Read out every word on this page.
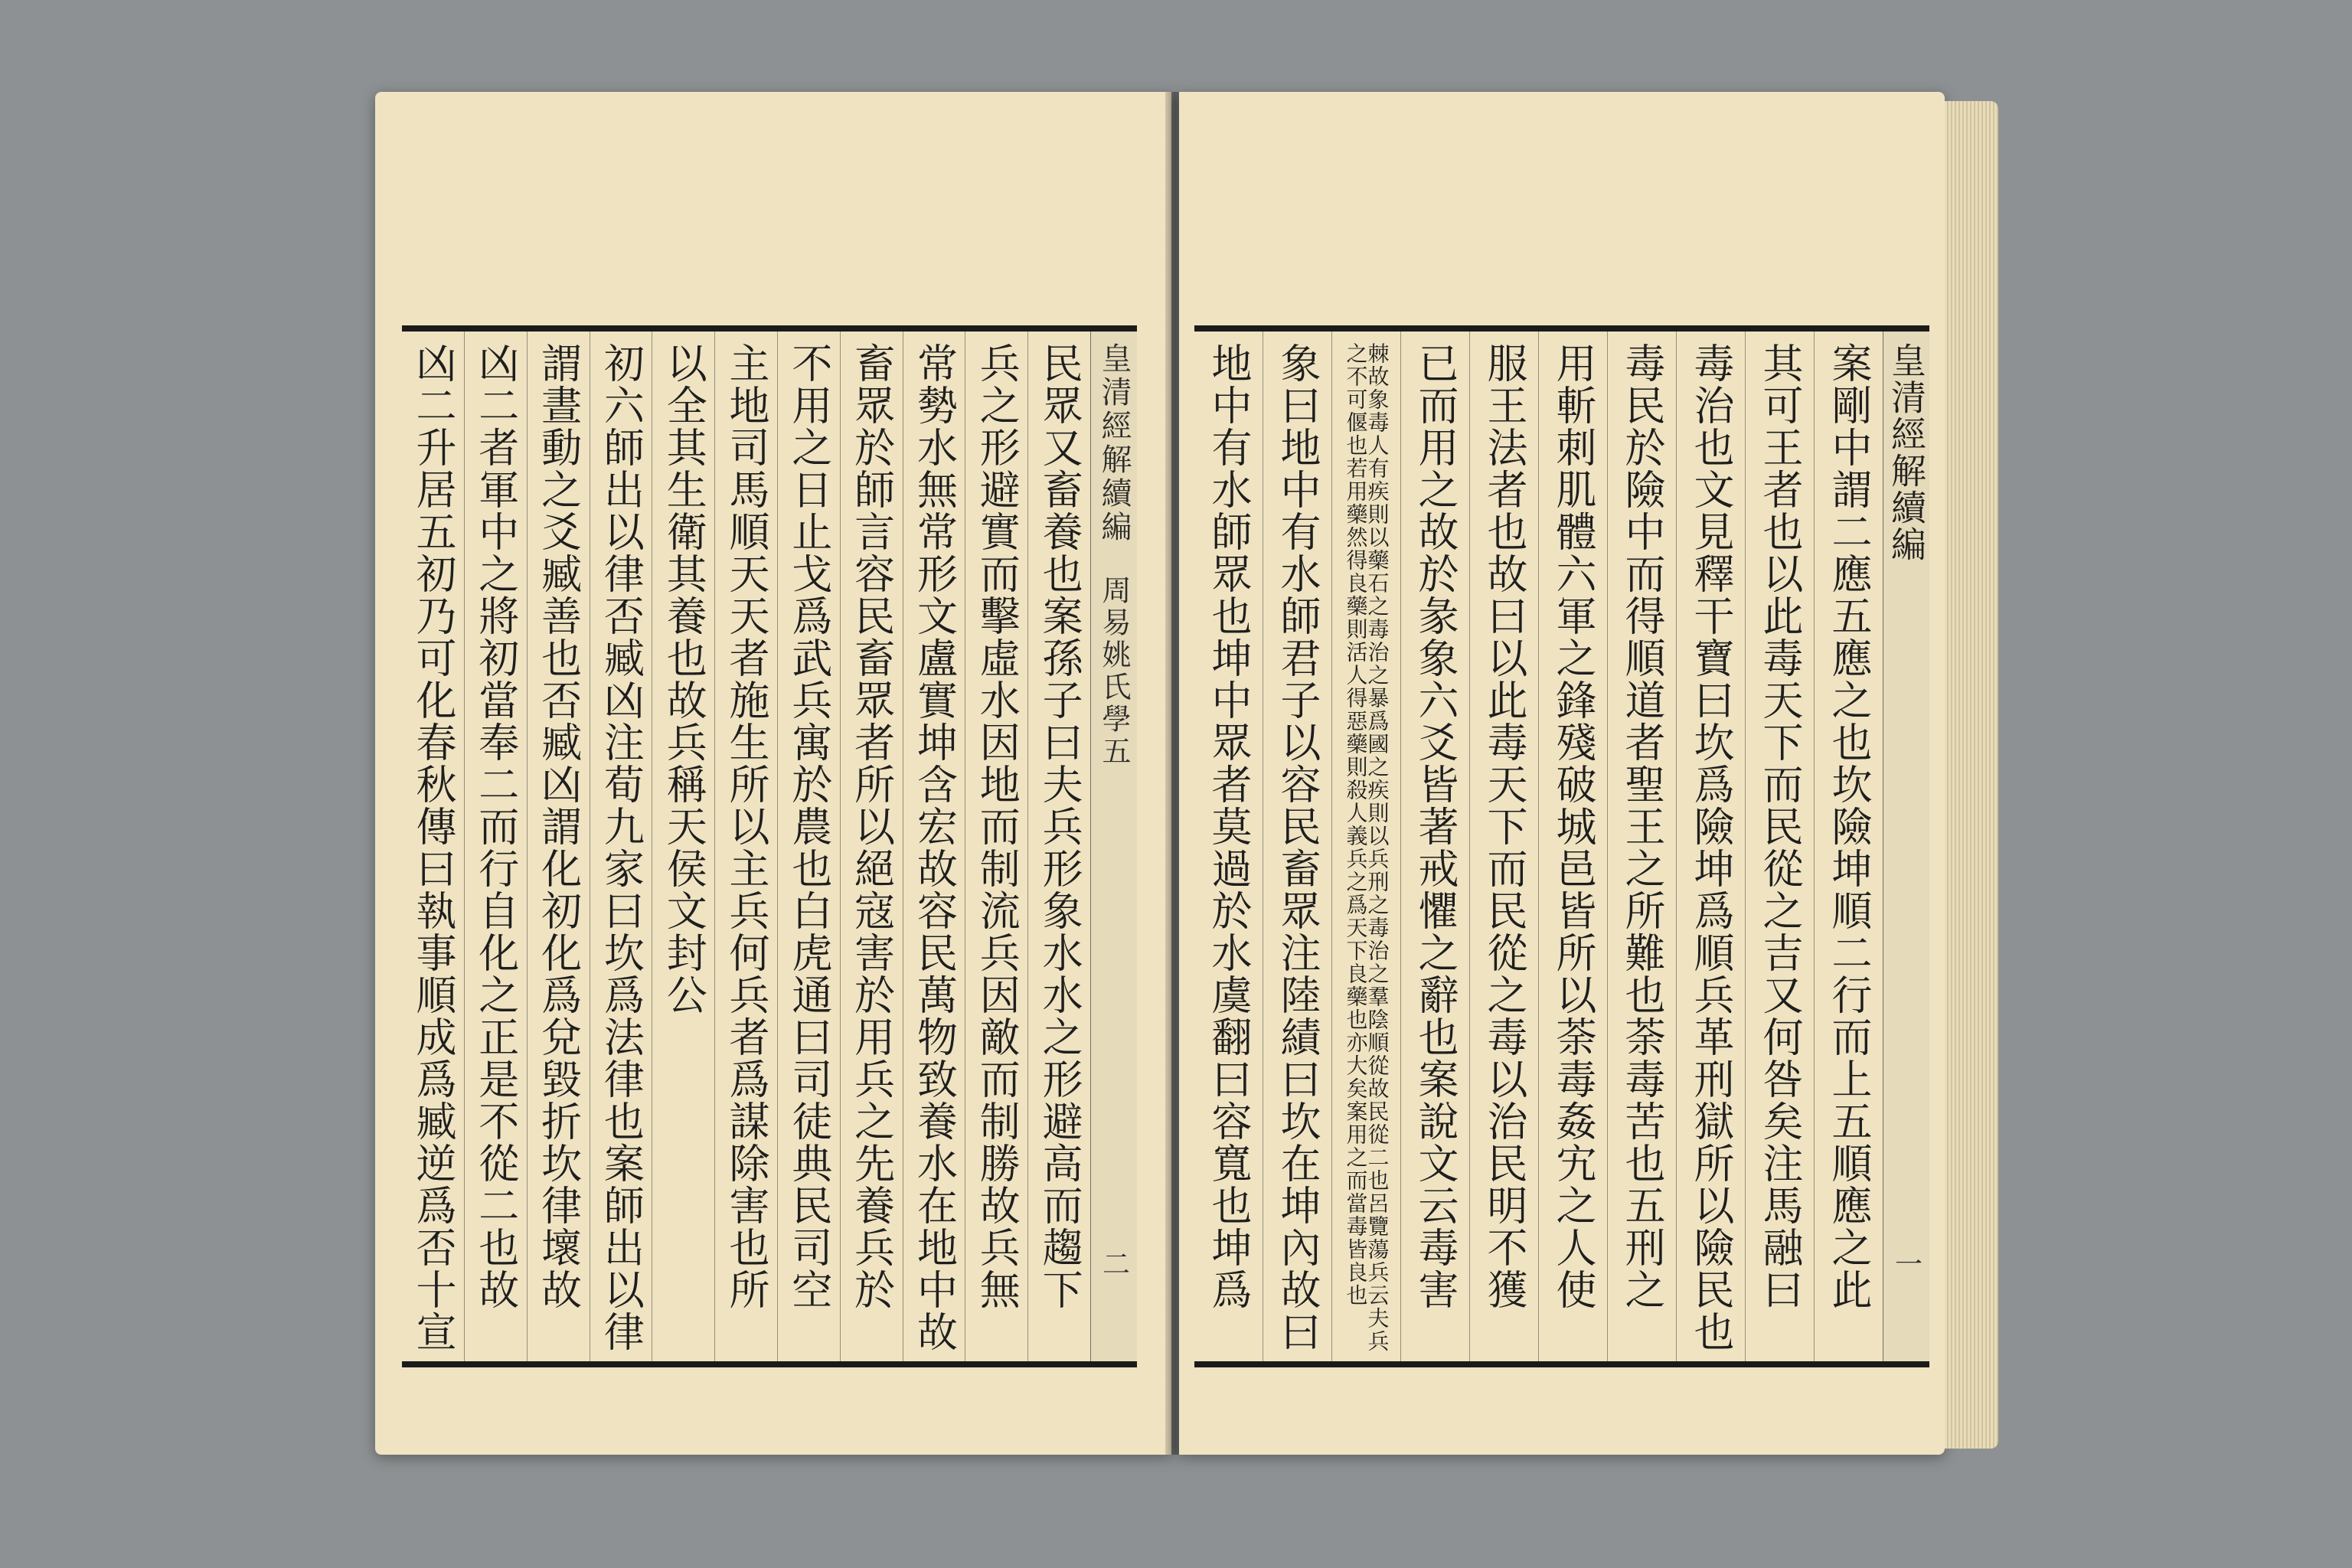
皇清經解續編
周易姚氏學五
二
民眾又畜養也案孫子曰夫兵形象水水之形避高而趨下
兵之形避實而擊虛水因地而制流兵因敵而制勝故兵無
常勢水無常形文盧實坤含宏故容民萬物致養水在地中故
畜眾於師言容民畜眾者所以絕寇害於用兵之先養兵於
不用之日止戈爲武兵寓於農也白虎通曰司徒典民司空
主地司馬順天天者施生所以主兵何兵者爲謀除害也所
以全其生衛其養也故兵稱天侯文封公
初六師出以律否臧凶注荀九家曰坎爲法律也案師出以律
謂晝動之爻臧善也否臧凶謂化初化爲兌毀折坎律壞故
凶二者軍中之將初當奉二而行自化之正是不從二也故
凶二升居五初乃可化春秋傳曰執事順成爲臧逆爲否十宣	皇清經解續編
一
案剛中謂二應五應之也坎險坤順二行而上五順應之此
其可王者也以此毒天下而民從之吉又何咎矣注馬融曰
毒治也文見釋干寶曰坎爲險坤爲順兵革刑獄所以險民也
毒民於險中而得順道者聖王之所難也荼毒苦也五刑之
用斬刺肌體六軍之鋒殘破城邑皆所以荼毒姦宄之人使
服王法者也故曰以此毒天下而民從之毒以治民明不獲
已而用之故於彖象六爻皆著戒懼之辭也案說文云毒害
棘故象毒人有疾則以藥石之毒治之暴爲國之疾則以兵刑之毒治之羣陰順從故民從二也呂覽蕩兵云夫兵之不可偃也若用藥然得良藥則活人得惡藥則殺人義兵之爲天下良藥也亦大矣案用之而當毒皆良也
象曰地中有水師君子以容民畜眾注陸績曰坎在坤內故曰
地中有水師眾也坤中眾者莫過於水虞翻曰容寬也坤爲
